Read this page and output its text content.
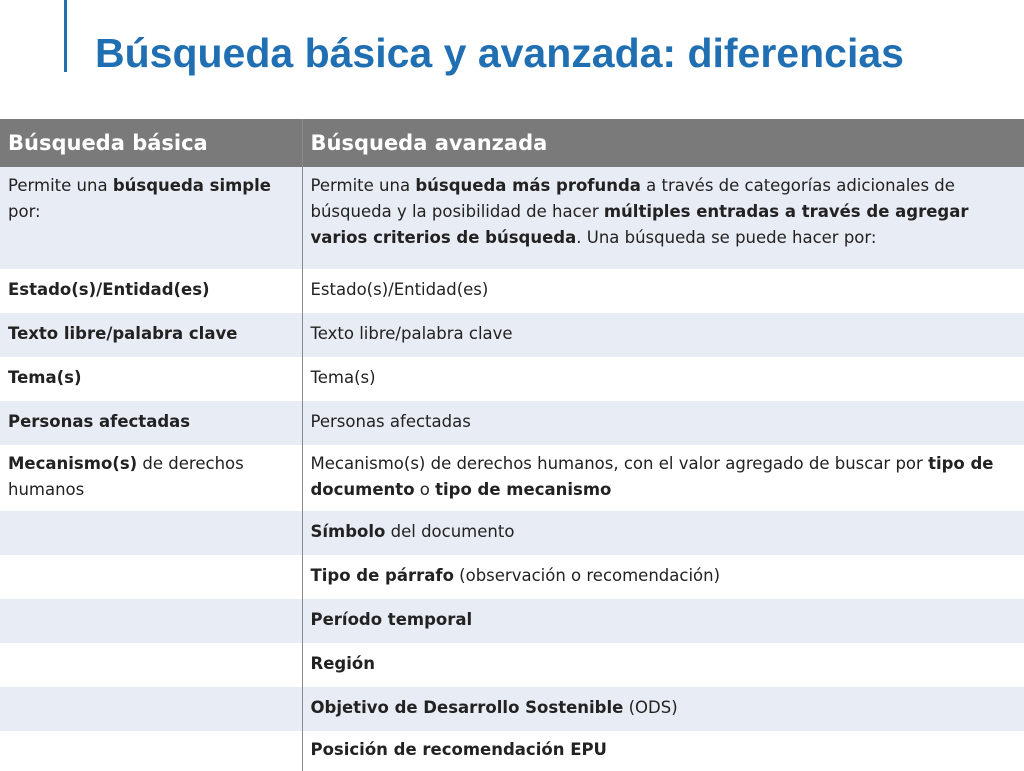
Búsqueda básica y avanzada: diferencias
Búsqueda básica	Búsqueda avanzada
Permite una búsqueda simple por:	Permite una búsqueda más profunda a través de categorías adicionales de búsqueda y la posibilidad de hacer múltiples entradas a través de agregar varios criterios de búsqueda. Una búsqueda se puede hacer por:
Estado(s)/Entidad(es)	Estado(s)/Entidad(es)
Texto libre/palabra clave	Texto libre/palabra clave
Tema(s)	Tema(s)
Personas afectadas	Personas afectadas
Mecanismo(s) de derechos humanos	Mecanismo(s) de derechos humanos, con el valor agregado de buscar por tipo de documento o tipo de mecanismo
	Símbolo del documento
	Tipo de párrafo (observación o recomendación)
	Período temporal
	Región
	Objetivo de Desarrollo Sostenible (ODS)
	Posición de recomendación EPU
